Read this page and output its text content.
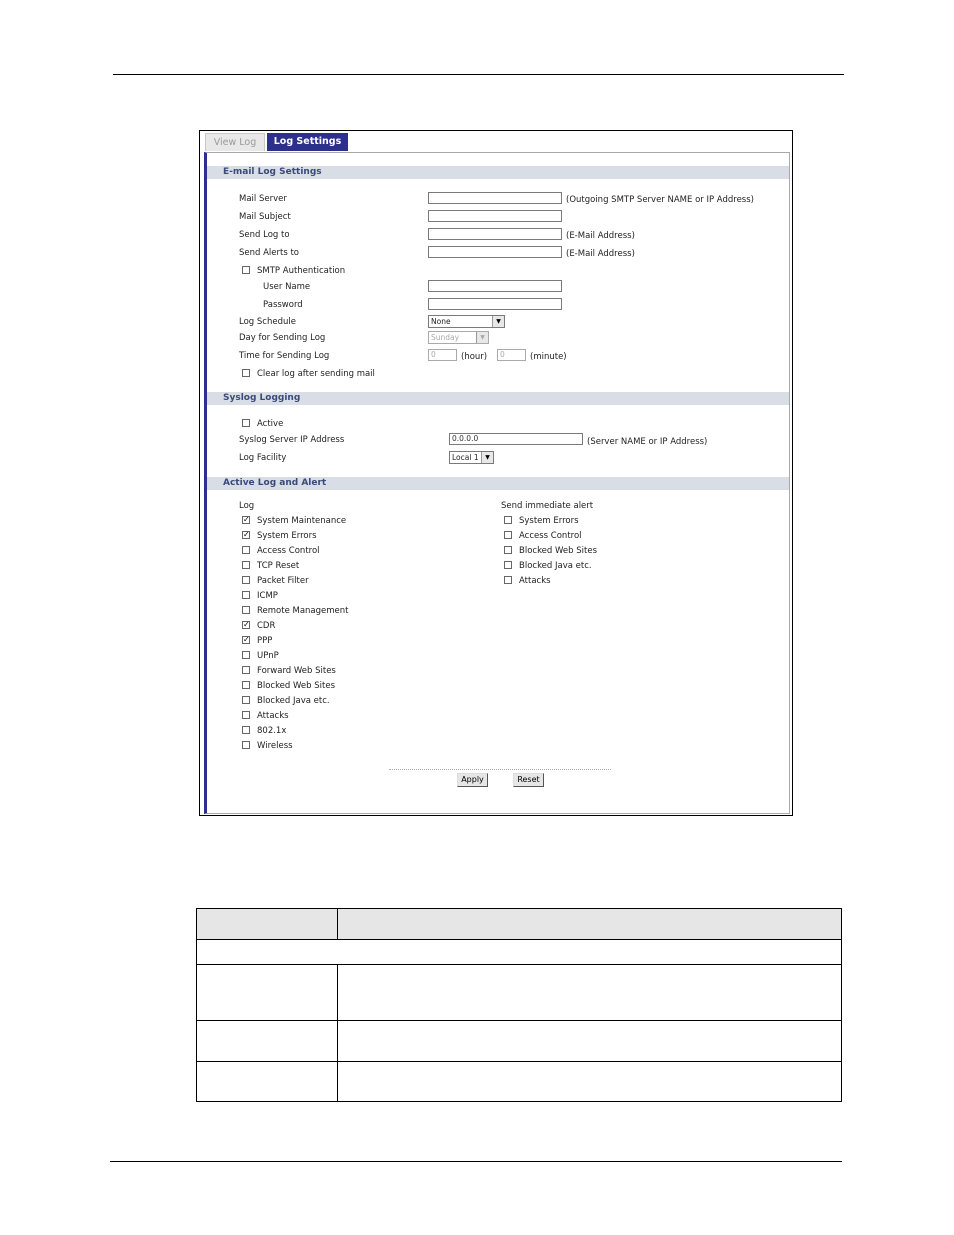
View Log	Log Settings
E-mail Log Settings
Mail Server	(Outgoing SMTP Server NAME or IP Address)
Mail Subject
Send Log to	(E-Mail Address)
Send Alerts to	(E-Mail Address)
SMTP Authentication
User Name
Password
Log Schedule	None	▼
Day for Sending Log	Sunday	▼
Time for Sending Log	0	(hour)	0	(minute)
Clear log after sending mail
Syslog Logging
Active
Syslog Server IP Address	0.0.0.0	(Server NAME or IP Address)
Log Facility	Local 1	▼
Active Log and Alert
Log	Send immediate alert
✓ System Maintenance
✓ System Errors
Access Control
TCP Reset
Packet Filter
ICMP
Remote Management
✓ CDR
✓ PPP
UPnP
Forward Web Sites
Blocked Web Sites
Blocked Java etc.
Attacks
802.1x
Wireless
System Errors
Access Control
Blocked Web Sites
Blocked Java etc.
Attacks
Apply	Reset
